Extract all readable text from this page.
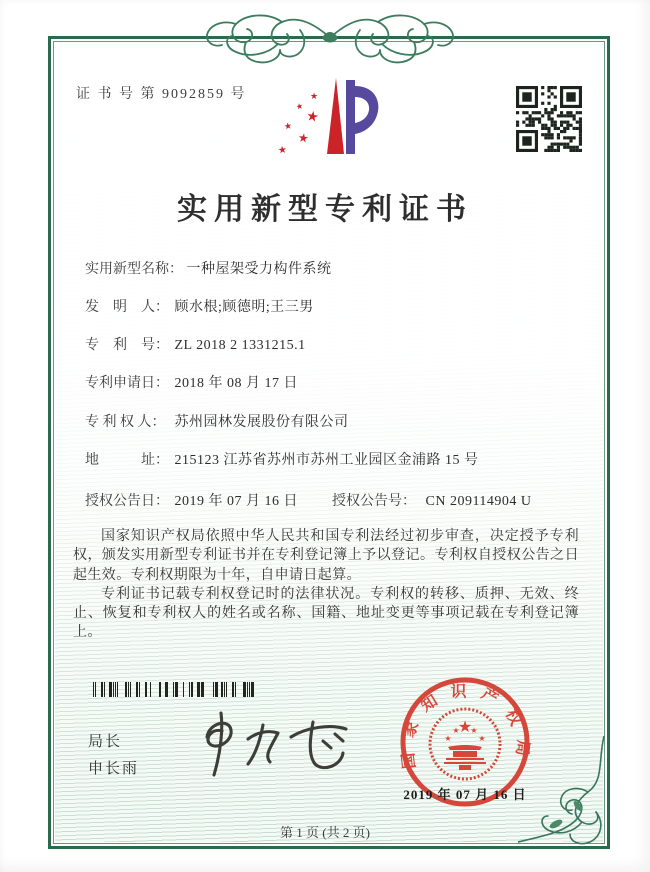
证 书 号 第 9092859 号	★
★
★
★
★
★
实用新型专利证书
实用新型名称： 一种屋架受力构件系统
发　明　人： 顾水根;顾德明;王三男
专　利　号： ZL 2018 2 1331215.1
专利申请日： 2018 年 08 月 17 日
专 利 权 人： 苏州园林发展股份有限公司
地　　　址： 215123 江苏省苏州市苏州工业园区金浦路 15 号
授权公告日： 2019 年 07 月 16 日 授权公告号： CN 209114904 U

国家知识产权局依照中华人民共和国专利法经过初步审查，决定授予专利权，颁发实用新型专利证书并在专利登记簿上予以登记。专利权自授权公告之日起生效。专利权期限为十年，自申请日起算。

专利证书记载专利权登记时的法律状况。专利权的转移、质押、无效、终止、恢复和专利权人的姓名或名称、国籍、地址变更等事项记载在专利登记簿上。

局长
申长雨	国家知识产权局
★
★
★ ★
★
2019 年 07 月 16 日
第 1 页 (共 2 页)
